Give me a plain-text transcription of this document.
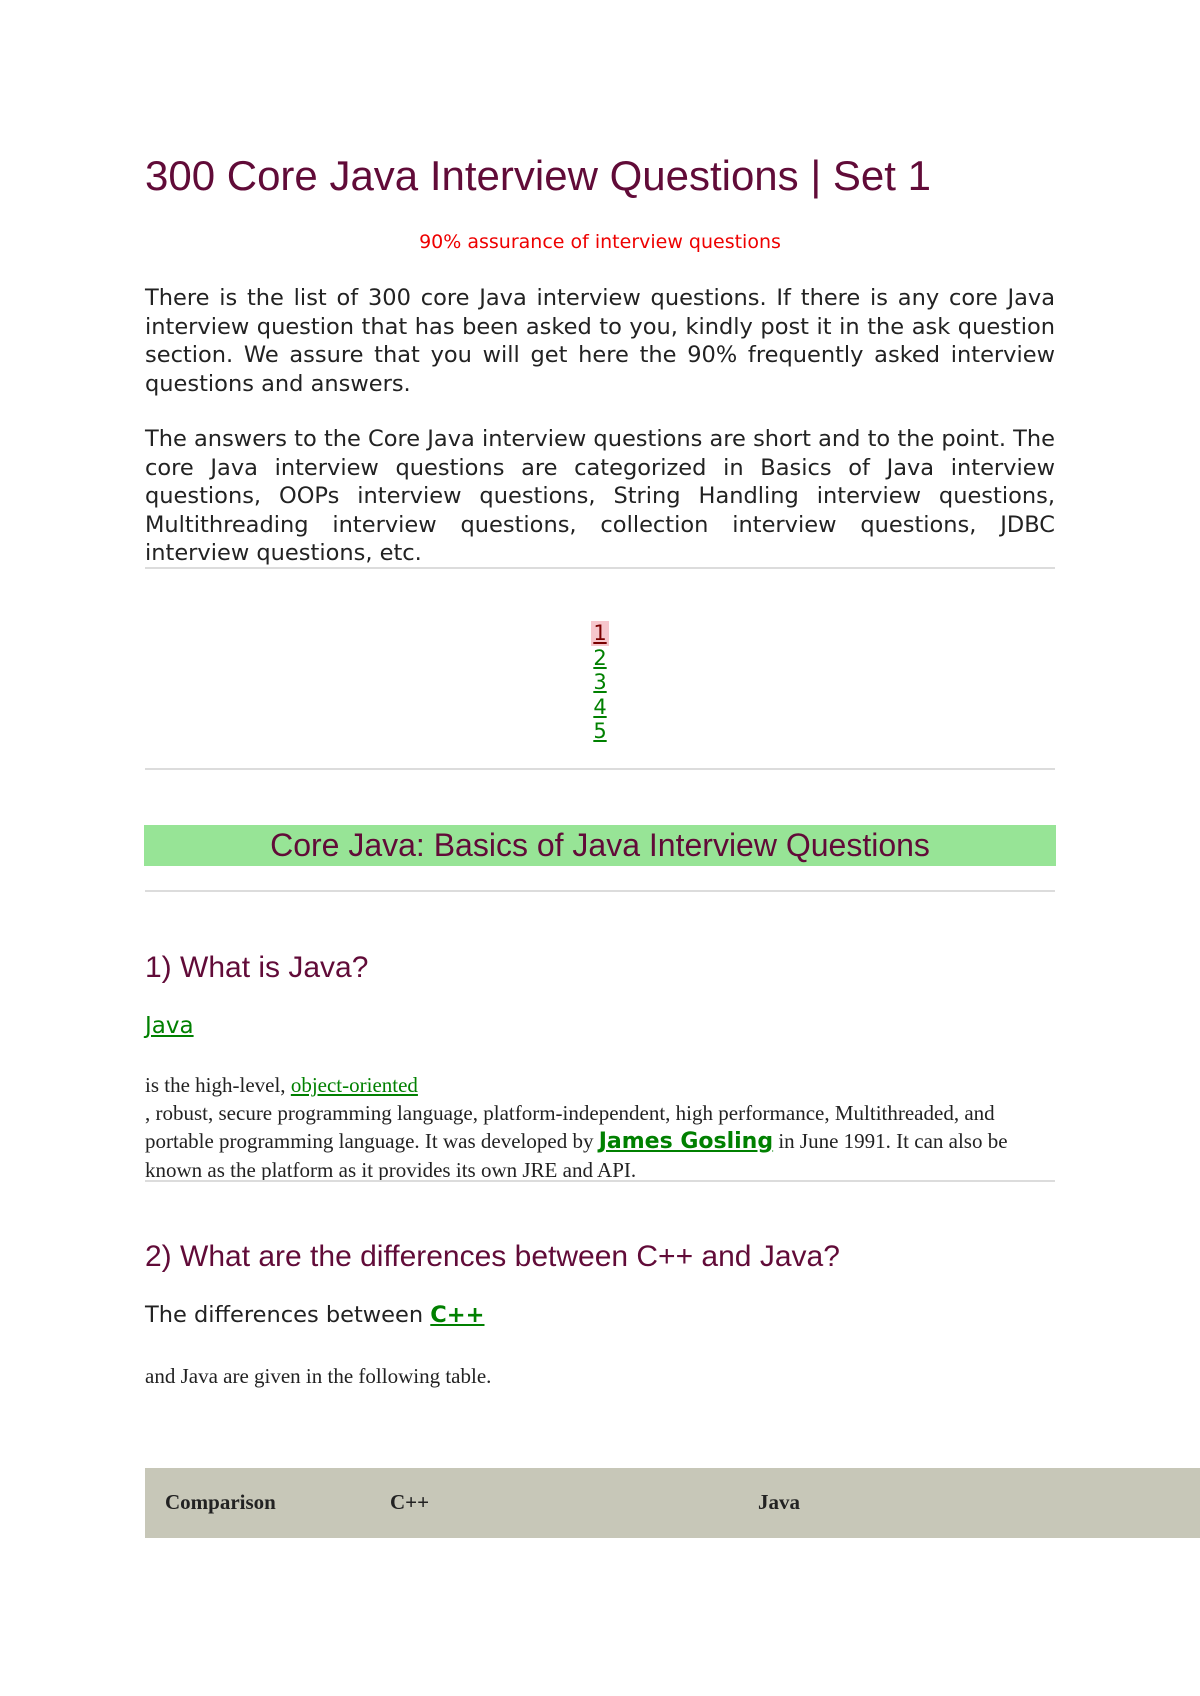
300 Core Java Interview Questions | Set 1

90% assurance of interview questions

There is the list of 300 core Java interview questions. If there is any core Java interview question that has been asked to you, kindly post it in the ask question section. We assure that you will get here the 90% frequently asked interview questions and answers.

The answers to the Core Java interview questions are short and to the point. The core Java interview questions are categorized in Basics of Java interview questions, OOPs interview questions, String Handling interview questions, Multithreading interview questions, collection interview questions, JDBC interview questions, etc.

1
2
3
4
5
Core Java: Basics of Java Interview Questions
1) What is Java?
Java

is the high-level, object-oriented
, robust, secure programming language, platform-independent, high performance, Multithreaded, and portable programming language. It was developed by James Gosling in June 1991. It can also be known as the platform as it provides its own JRE and API.

2) What are the differences between C++ and Java?

The differences between C++

and Java are given in the following table.

Comparison	C++	Java
